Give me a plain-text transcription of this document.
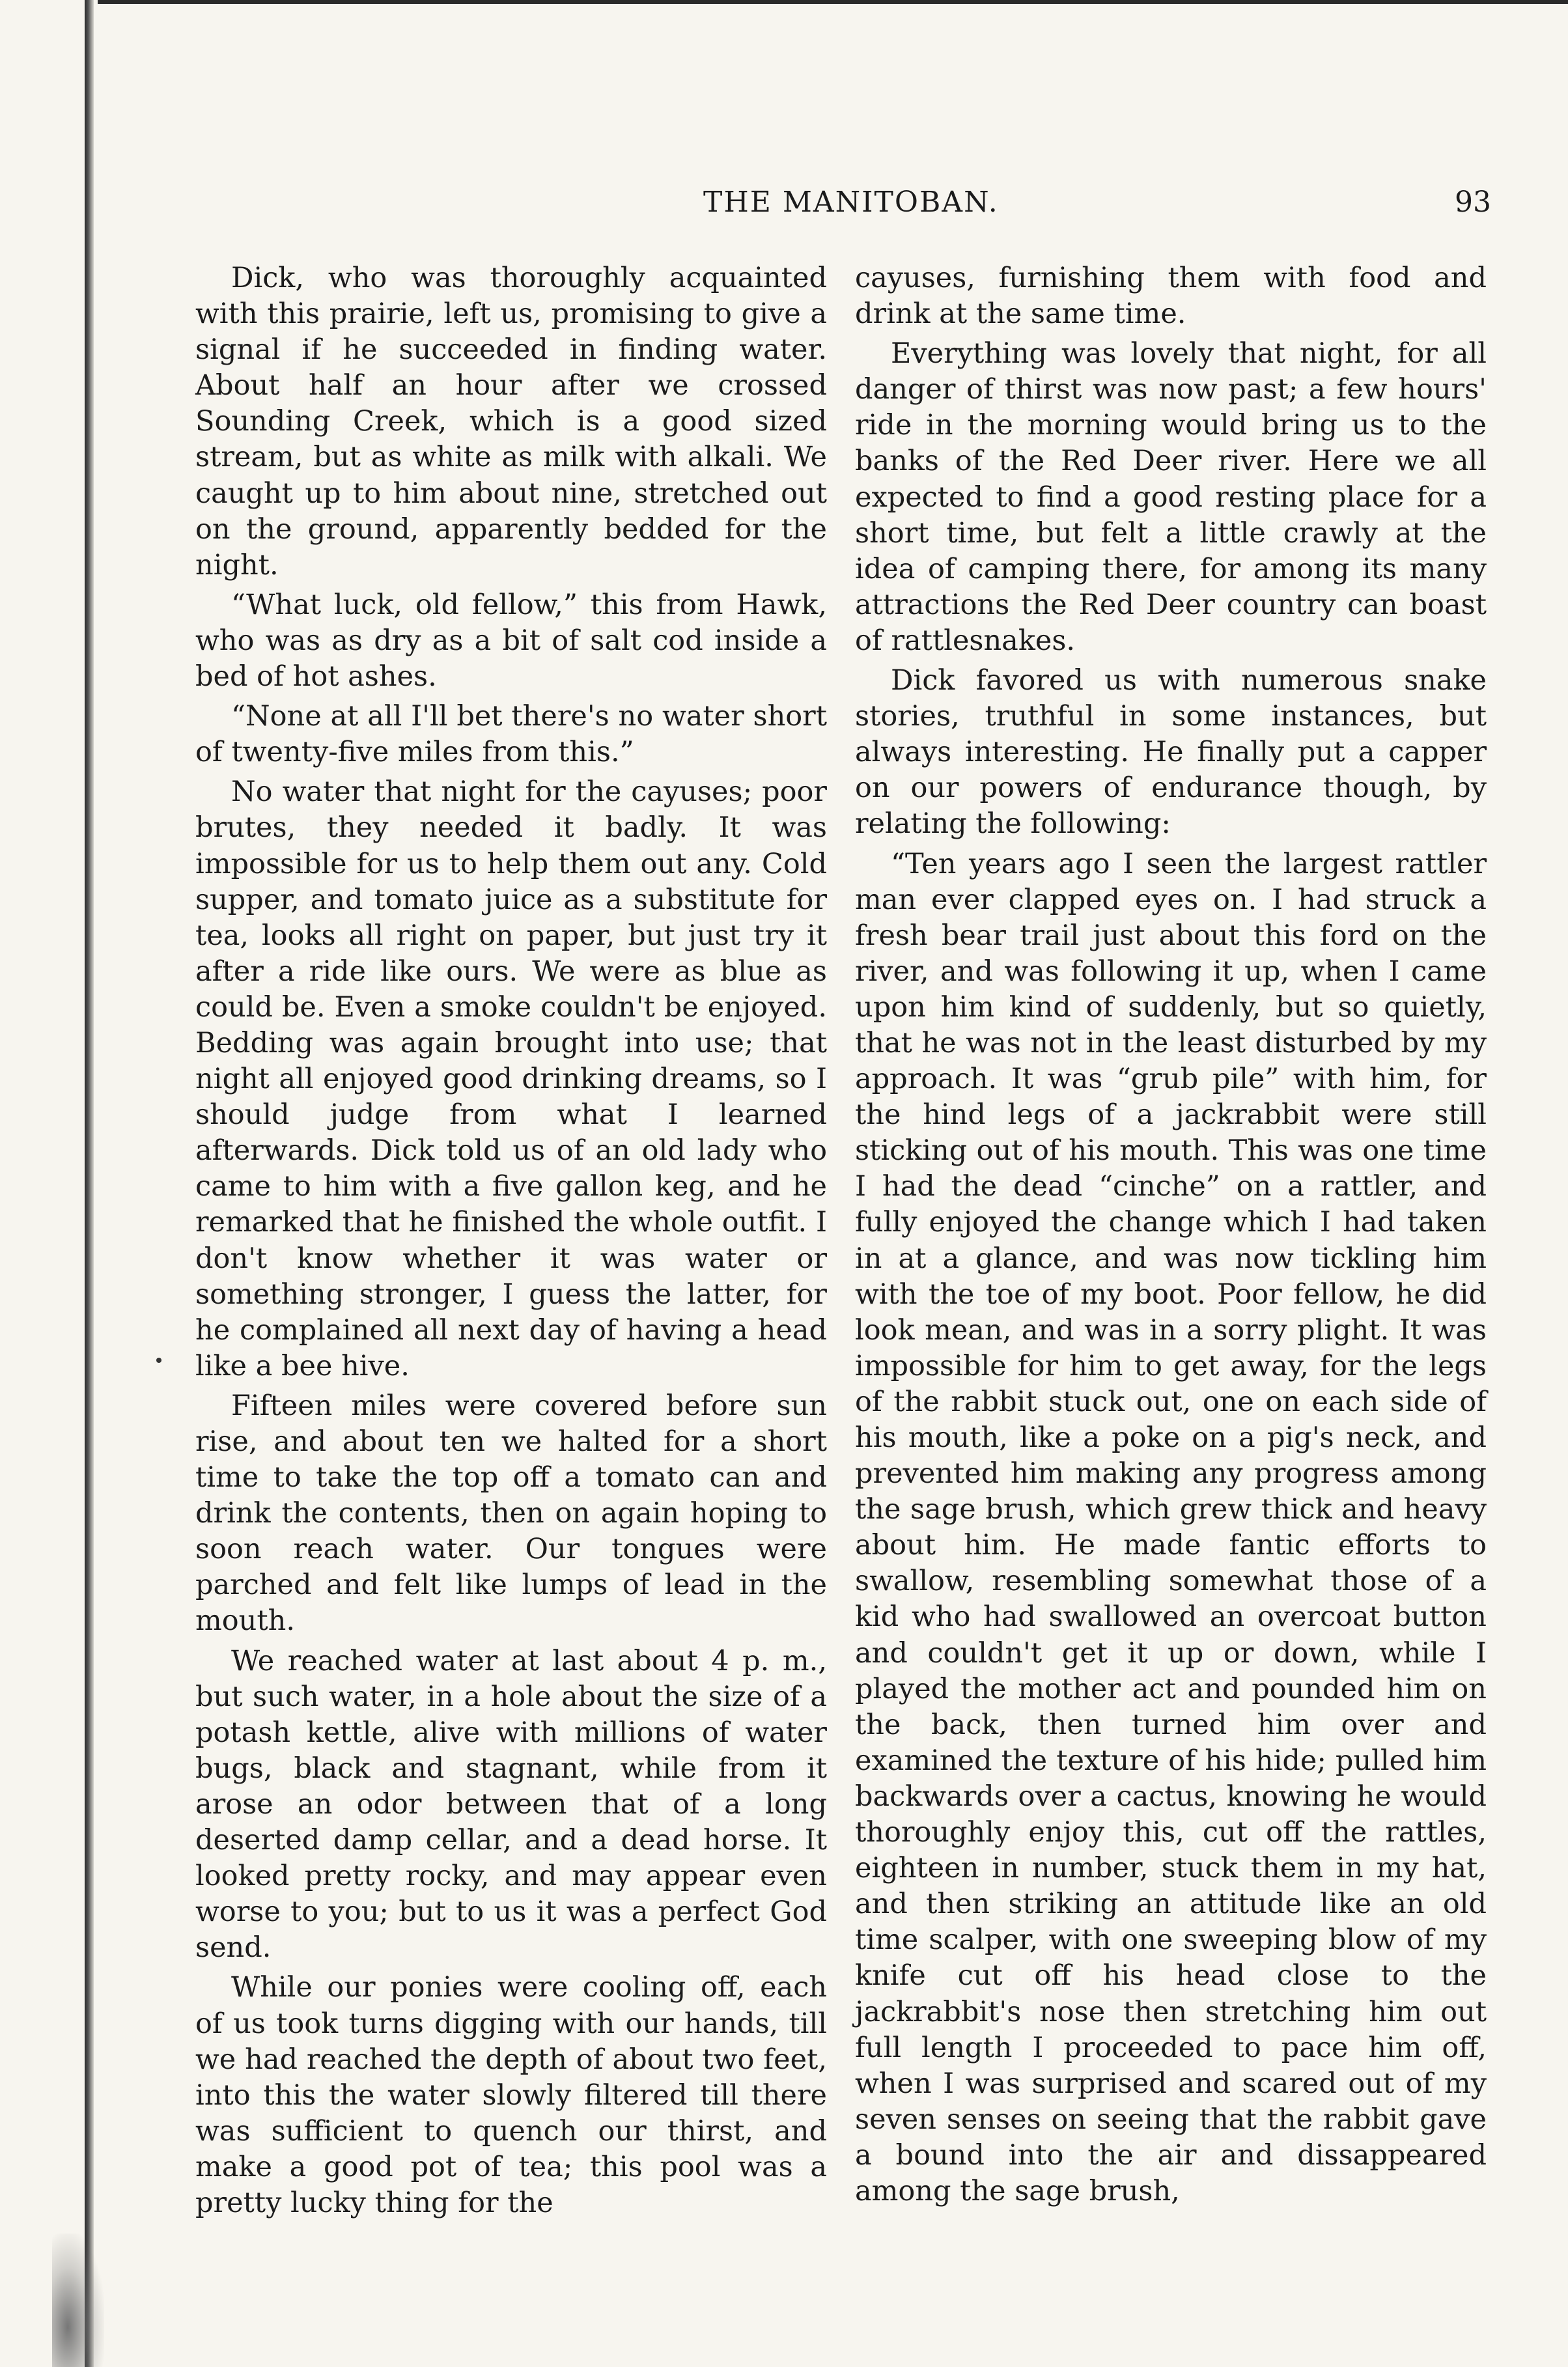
THE MANITOBAN.	93

Dick, who was thoroughly acquainted with this prairie, left us, promising to give a signal if he succeeded in finding water. About half an hour after we crossed Sounding Creek, which is a good sized stream, but as white as milk with alkali. We caught up to him about nine, stretched out on the ground, apparently bedded for the night.

“What luck, old fellow,” this from Hawk, who was as dry as a bit of salt cod inside a bed of hot ashes.

“None at all I'll bet there's no water short of twenty-five miles from this.”

No water that night for the cayuses; poor brutes, they needed it badly. It was impossible for us to help them out any. Cold supper, and tomato juice as a substitute for tea, looks all right on paper, but just try it after a ride like ours. We were as blue as could be. Even a smoke couldn't be enjoyed. Bedding was again brought into use; that night all enjoyed good drinking dreams, so I should judge from what I learned afterwards. Dick told us of an old lady who came to him with a five gallon keg, and he remarked that he finished the whole outfit. I don't know whether it was water or something stronger, I guess the latter, for he complained all next day of having a head like a bee hive.

Fifteen miles were covered before sun rise, and about ten we halted for a short time to take the top off a tomato can and drink the contents, then on again hoping to soon reach water. Our tongues were parched and felt like lumps of lead in the mouth.

We reached water at last about 4 p. m., but such water, in a hole about the size of a potash kettle, alive with millions of water bugs, black and stagnant, while from it arose an odor between that of a long deserted damp cellar, and a dead horse. It looked pretty rocky, and may appear even worse to you; but to us it was a perfect God send.

While our ponies were cooling off, each of us took turns digging with our hands, till we had reached the depth of about two feet, into this the water slowly filtered till there was sufficient to quench our thirst, and make a good pot of tea; this pool was a pretty lucky thing for the

cayuses, furnishing them with food and drink at the same time.

Everything was lovely that night, for all danger of thirst was now past; a few hours' ride in the morning would bring us to the banks of the Red Deer river. Here we all expected to find a good resting place for a short time, but felt a little crawly at the idea of camping there, for among its many attractions the Red Deer country can boast of rattlesnakes.

Dick favored us with numerous snake stories, truthful in some instances, but always interesting. He finally put a capper on our powers of endurance though, by relating the following:

“Ten years ago I seen the largest rattler man ever clapped eyes on. I had struck a fresh bear trail just about this ford on the river, and was following it up, when I came upon him kind of suddenly, but so quietly, that he was not in the least disturbed by my approach. It was “grub pile” with him, for the hind legs of a jackrabbit were still sticking out of his mouth. This was one time I had the dead “cinche” on a rattler, and fully enjoyed the change which I had taken in at a glance, and was now tickling him with the toe of my boot. Poor fellow, he did look mean, and was in a sorry plight. It was impossible for him to get away, for the legs of the rabbit stuck out, one on each side of his mouth, like a poke on a pig's neck, and prevented him making any progress among the sage brush, which grew thick and heavy about him. He made fantic efforts to swallow, resembling somewhat those of a kid who had swallowed an overcoat button and couldn't get it up or down, while I played the mother act and pounded him on the back, then turned him over and examined the texture of his hide; pulled him backwards over a cactus, knowing he would thoroughly enjoy this, cut off the rattles, eighteen in number, stuck them in my hat, and then striking an attitude like an old time scalper, with one sweeping blow of my knife cut off his head close to the jackrabbit's nose then stretching him out full length I proceeded to pace him off, when I was surprised and scared out of my seven senses on seeing that the rabbit gave a bound into the air and dissappeared among the sage brush,
